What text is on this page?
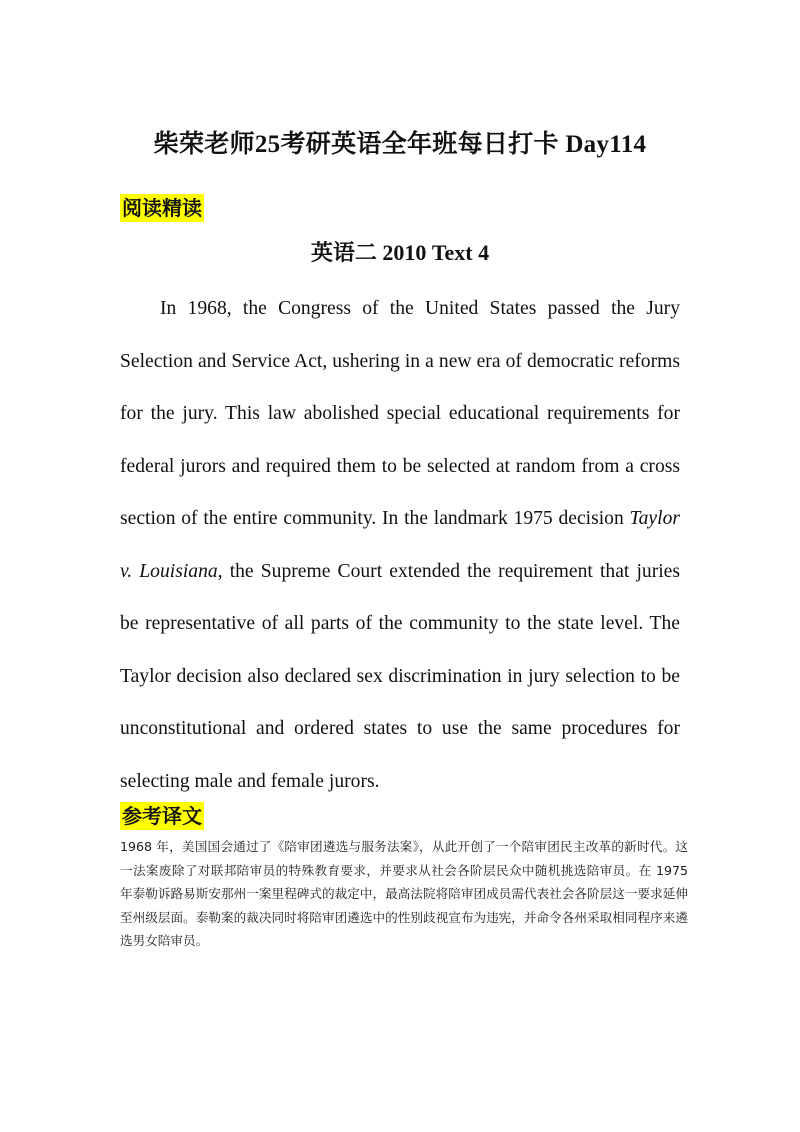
柴荣老师25考研英语全年班每日打卡 Day114
阅读精读
英语二 2010 Text 4

In 1968, the Congress of the United States passed the Jury Selection and Service Act, ushering in a new era of democratic reforms for the jury. This law abolished special educational requirements for federal jurors and required them to be selected at random from a cross section of the entire community. In the landmark 1975 decision Taylor v. Louisiana, the Supreme Court extended the requirement that juries be representative of all parts of the community to the state level. The Taylor decision also declared sex discrimination in jury selection to be unconstitutional and ordered states to use the same procedures for selecting male and female jurors.

参考译文

1968 年，美国国会通过了《陪审团遴选与服务法案》，从此开创了一个陪审团民主改革的新时代。这一法案废除了对联邦陪审员的特殊教育要求，并要求从社会各阶层民众中随机挑选陪审员。在 1975 年泰勒诉路易斯安那州一案里程碑式的裁定中，最高法院将陪审团成员需代表社会各阶层这一要求延伸至州级层面。泰勒案的裁决同时将陪审团遴选中的性别歧视宣布为违宪，并命令各州采取相同程序来遴选男女陪审员。
